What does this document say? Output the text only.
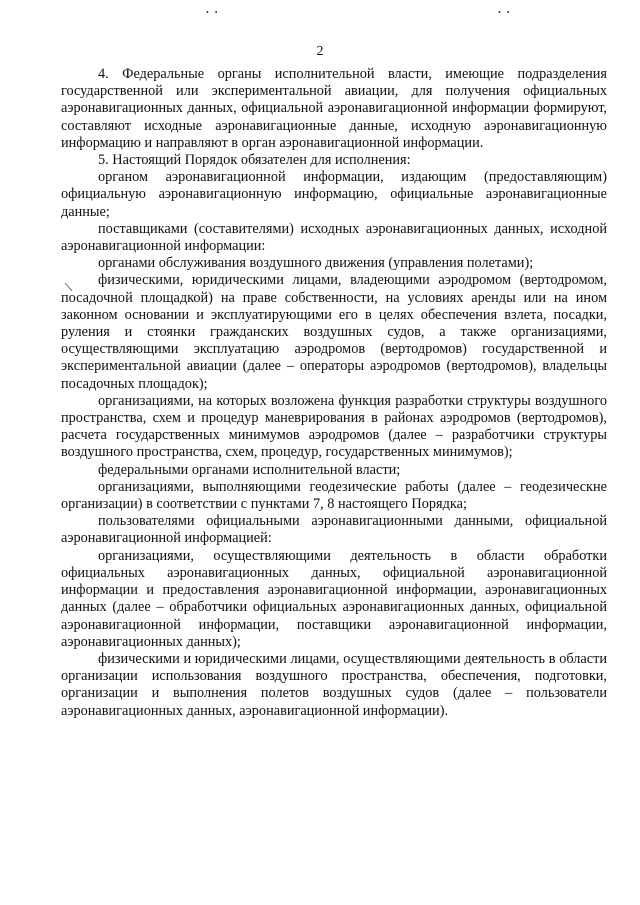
• •	• •
2

4. Федеральные органы исполнительной власти, имеющие подразделения государственной или экспериментальной авиации, для получения официальных аэронавигационных данных, официальной аэронавигационной информации формируют, составляют исходные аэронавигационные данные, исходную аэронавигационную информацию и направляют в орган аэронавигационной информации.

5. Настоящий Порядок обязателен для исполнения:

органом аэронавигационной информации, издающим (предоставляющим) официальную аэронавигационную информацию, официальные аэронавигационные данные;

поставщиками (составителями) исходных аэронавигационных данных, исходной аэронавигационной информации:

органами обслуживания воздушного движения (управления полетами);

физическими, юридическими лицами, владеющими аэродромом (вертодромом, посадочной площадкой) на праве собственности, на условиях аренды или на ином законном основании и эксплуатирующими его в целях обеспечения взлета, посадки, руления и стоянки гражданских воздушных судов, а также организациями, осуществляющими эксплуатацию аэродромов (вертодромов) государственной и экспериментальной авиации (далее – операторы аэродромов (вертодромов), владельцы посадочных площадок);

организациями, на которых возложена функция разработки структуры воздушного пространства, схем и процедур маневрирования в районах аэродромов (вертодромов), расчета государственных минимумов аэродромов (далее – разработчики структуры воздушного пространства, схем, процедур, государственных минимумов);

федеральными органами исполнительной власти;

организациями, выполняющими геодезические работы (далее – геодезическне организации) в соответствии с пунктами 7, 8 настоящего Порядка;

пользователями официальными аэронавигационными данными, официальной аэронавигационной информацией:

организациями, осуществляющими деятельность в области обработки официальных аэронавигационных данных, официальной аэронавигационной информации и предоставления аэронавигационной информации, аэронавигационных данных (далее – обработчики официальных аэронавигационных данных, официальной аэронавигационной информации, поставщики аэронавигационной информации, аэронавигационных данных);

физическими и юридическими лицами, осуществляющими деятельность в области организации использования воздушного пространства, обеспечения, подготовки, организации и выполнения полетов воздушных судов (далее – пользователи аэронавигационных данных, аэронавигационной информации).
